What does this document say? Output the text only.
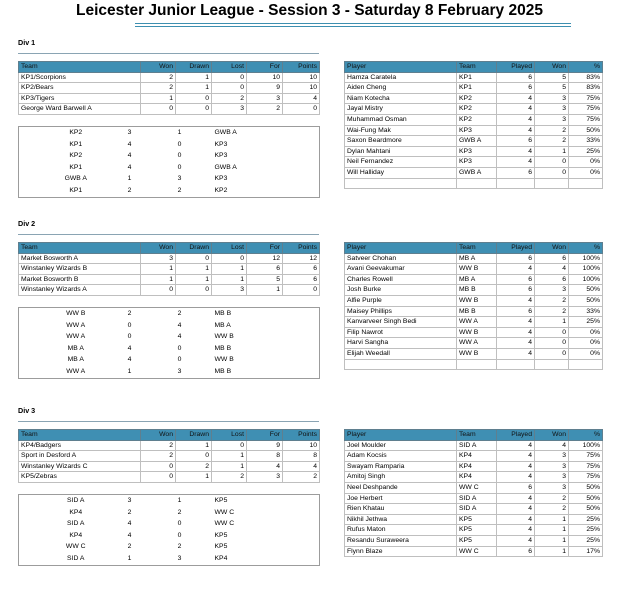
Leicester Junior League - Session 3 - Saturday 8 February 2025
Div 1
Team	Won	Drawn	Lost	For	Points
KP1/Scorpions	2	1	0	10	10
KP2/Bears	2	1	0	9	10
KP3/Tigers	1	0	2	3	4
George Ward Barwell A	0	0	3	2	0
KP2	3	1	GWB A
KP1	4	0	KP3
KP2	4	0	KP3
KP1	4	0	GWB A
GWB A	1	3	KP3
KP1	2	2	KP2
Player	Team	Played	Won	%
Hamza Caratela	KP1	6	5	83%
Aiden Cheng	KP1	6	5	83%
Niam Kotecha	KP2	4	3	75%
Jayal Mistry	KP2	4	3	75%
Muhammad Osman	KP2	4	3	75%
Wai-Fung Mak	KP3	4	2	50%
Saxon Beardmore	GWB A	6	2	33%
Dylan Mahtani	KP3	4	1	25%
Neil Fernandez	KP3	4	0	0%
Will Halliday	GWB A	6	0	0%

Div 2
Team	Won	Drawn	Lost	For	Points
Market Bosworth A	3	0	0	12	12
Winstanley Wizards B	1	1	1	6	6
Market Bosworth B	1	1	1	5	6
Winstanley Wizards A	0	0	3	1	0
WW B	2	2	MB B
WW A	0	4	MB A
WW A	0	4	WW B
MB A	4	0	MB B
MB A	4	0	WW B
WW A	1	3	MB B
Player	Team	Played	Won	%
Satveer Chohan	MB A	6	6	100%
Avani Geevakumar	WW B	4	4	100%
Charles Rowell	MB A	6	6	100%
Josh Burke	MB B	6	3	50%
Alfie Purple	WW B	4	2	50%
Maisey Phillips	MB B	6	2	33%
Kanvarveer Singh Bedi	WW A	4	1	25%
Filip Nawrot	WW B	4	0	0%
Harvi Sangha	WW A	4	0	0%
Elijah Weedall	WW B	4	0	0%

Div 3
Team	Won	Drawn	Lost	For	Points
KP4/Badgers	2	1	0	9	10
Sport in Desford A	2	0	1	8	8
Winstanley Wizards C	0	2	1	4	4
KP5/Zebras	0	1	2	3	2
SID A	3	1	KP5
KP4	2	2	WW C
SID A	4	0	WW C
KP4	4	0	KP5
WW C	2	2	KP5
SID A	1	3	KP4
Player	Team	Played	Won	%
Joel Moulder	SID A	4	4	100%
Adam Kocsis	KP4	4	3	75%
Swayam Ramparia	KP4	4	3	75%
Amitoj Singh	KP4	4	3	75%
Neel Deshpande	WW C	6	3	50%
Joe Herbert	SID A	4	2	50%
Rien Khatau	SID A	4	2	50%
Nikhil Jethwa	KP5	4	1	25%
Rufus Maton	KP5	4	1	25%
Resandu Suraweera	KP5	4	1	25%
Flynn Blaze	WW C	6	1	17%
